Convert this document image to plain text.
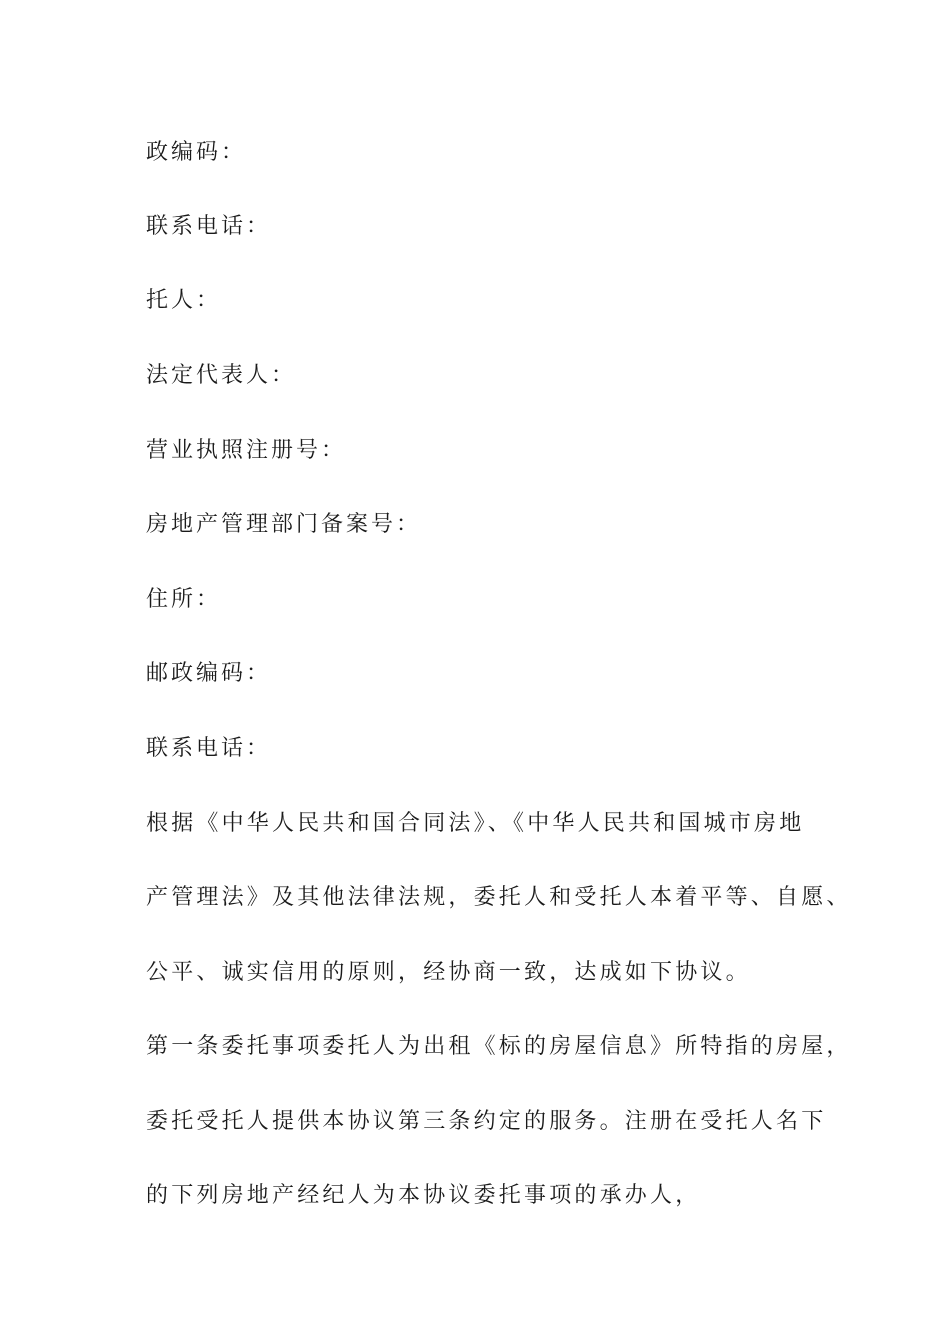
政编码：

联系电话：

托人：

法定代表人：

营业执照注册号：

房地产管理部门备案号：

住所：

邮政编码：

联系电话：

根据《中华人民共和国合同法》、《中华人民共和国城市房地

产管理法》及其他法律法规，委托人和受托人本着平等、自愿、

公平、诚实信用的原则，经协商一致，达成如下协议。

第一条委托事项委托人为出租《标的房屋信息》所特指的房屋，

委托受托人提供本协议第三条约定的服务。注册在受托人名下

的下列房地产经纪人为本协议委托事项的承办人，
